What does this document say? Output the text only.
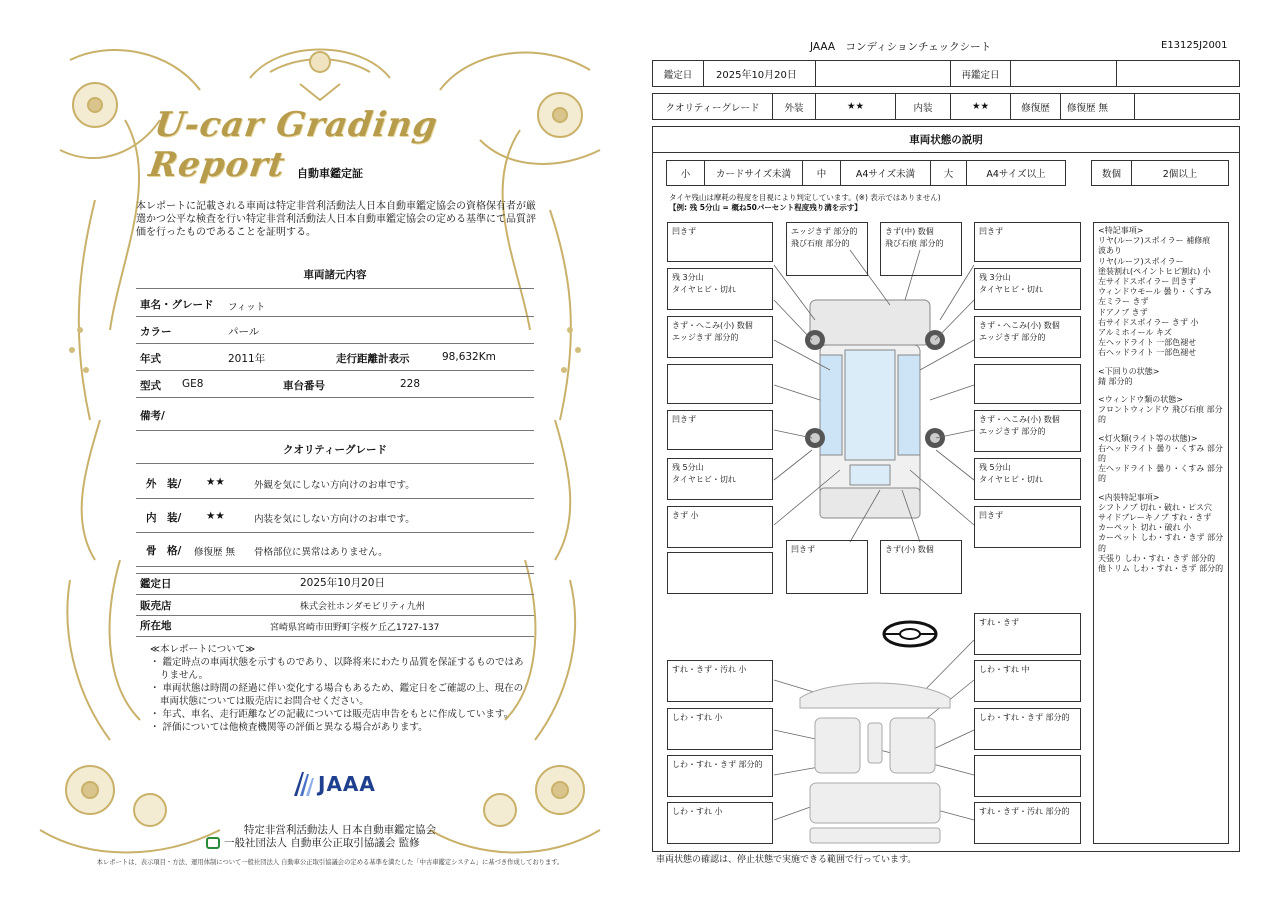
U-car Grading Report 自動車鑑定証
本レポートに記載される車両は特定非営利活動法人日本自動車鑑定協会の資格保有者が厳選かつ公平な検査を行い特定非営利活動法人日本自動車鑑定協会の定める基準にて品質評価を行ったものであることを証明する。
車両諸元内容
車名・グレード フィット
カラー	パール
年式	2011年	走行距離計表示	98,632Km
型式 GE8	車台番号	228
備考/
クオリティーグレード
外　装/ ★★	外観を気にしない方向けのお車です。
内　装/ ★★	内装を気にしない方向けのお車です。
骨　格/ 修復歴 無 骨格部位に異常はありません。
鑑定日	2025年10月20日
販売店	株式会社ホンダモビリティ九州
所在地	宮崎県宮崎市田野町字桜ケ丘乙1727-137
≪本レポートについて≫
・ 鑑定時点の車両状態を示すものであり、以降将来にわたり品質を保証するものではありません。
・ 車両状態は時間の経過に伴い変化する場合もあるため、鑑定日をご確認の上、現在の車両状態については販売店にお問合せください。
・ 年式、車名、走行距離などの記載については販売店申告をもとに作成しています。
・ 評価については他検査機関等の評価と異なる場合があります。
JAAA
特定非営利活動法人 日本自動車鑑定協会
一般社団法人 自動車公正取引協議会 監修
本レポートは、表示項目・方法、運用体制について一般社団法人 自動車公正取引協議会の定める基準を満たした「中古車鑑定システム」に基づき作成しております。
JAAA　コンディションチェックシート	E13125J2001
鑑定日	2025年10月20日	再鑑定日
クオリティーグレード	外装	★★	内装	★★	修復歴	修復歴 無
車両状態の説明
小	カードサイズ未満	中	A4サイズ未満	大	A4サイズ以上	数個	2個以上
タイヤ残山は摩耗の程度を目視により判定しています。(※) 表示ではありません)
【例: 残 5分山 = 概ね50パーセント程度残り溝を示す】
凹きず
残 3分山
タイヤヒビ・切れ
きず・へこみ(小) 数個
エッジきず 部分的
凹きず
残 5分山
タイヤヒビ・切れ
きず 小
エッジきず 部分的
飛び石痕 部分的
きず(中) 数個
飛び石痕 部分的
凹きず
残 3分山
タイヤヒビ・切れ
きず・へこみ(小) 数個
エッジきず 部分的
きず・へこみ(小) 数個
エッジきず 部分的
残 5分山
タイヤヒビ・切れ
凹きず
凹きず	きず(小) 数個
すれ・きず・汚れ 小
しわ・すれ 小
しわ・すれ・きず 部分的
しわ・すれ 小
すれ・きず
しわ・すれ 中
しわ・すれ・きず 部分的
すれ・きず・汚れ 部分的
<特記事項>
リヤ(ルーフ)スポイラー 補修痕
波あり
リヤ(ルーフ)スポイラー
塗装割れ(ペイントヒビ割れ) 小
左サイドスポイラー 凹きず
ウィンドウモール 曇り・くすみ
左ミラー きず
ドアノブ きず
右サイドスポイラー きず 小
アルミホイール キズ
左ヘッドライト 一部色褪せ
右ヘッドライト 一部色褪せ
<下回りの状態>
錆 部分的
<ウィンドウ類の状態>
フロントウィンドウ 飛び石痕 部分的
<灯火類(ライト等の状態)>
右ヘッドライト 曇り・くすみ 部分的
左ヘッドライト 曇り・くすみ 部分的
<内装特記事項>
シフトノブ 切れ・破れ・ピス穴
サイドブレーキノブ すれ・きず
カーペット 切れ・破れ 小
カーペット しわ・すれ・きず 部分的
天張り しわ・すれ・きず 部分的
他トリム しわ・すれ・きず 部分的
車両状態の確認は、停止状態で実施できる範囲で行っています。
